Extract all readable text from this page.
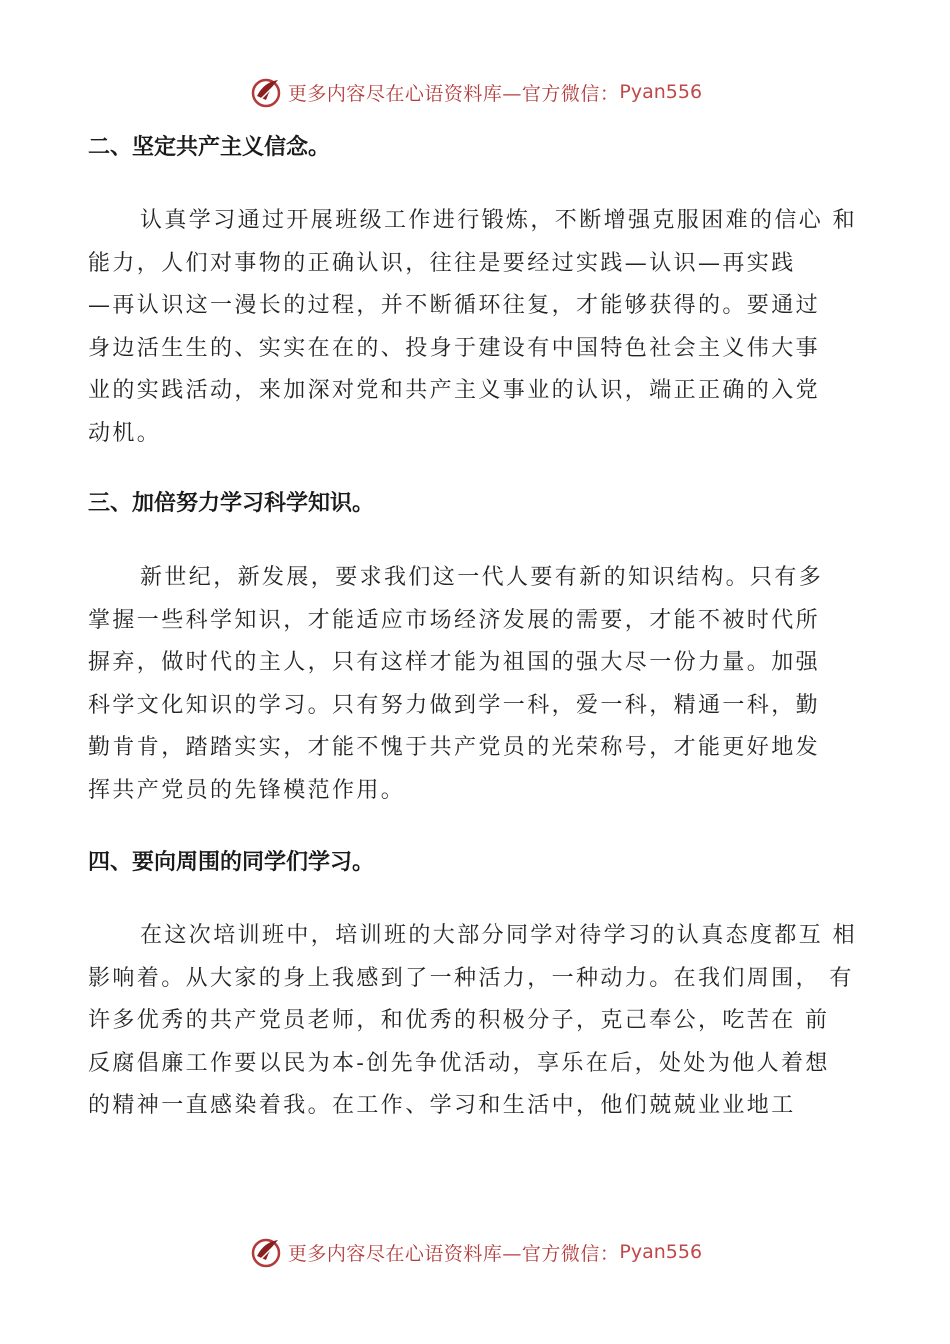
更多内容尽在心语资料库—官方微信： Pyan556
二、坚定共产主义信念。
认真学习通过开展班级工作进行锻炼，不断增强克服困难的信心 和
能力，人们对事物的正确认识，往往是要经过实践—认识—再实践
—再认识这一漫长的过程，并不断循环往复，才能够获得的。要通过
身边活生生的、实实在在的、投身于建设有中国特色社会主义伟大事
业的实践活动，来加深对党和共产主义事业的认识，端正正确的入党
动机。
三、加倍努力学习科学知识。
新世纪，新发展，要求我们这一代人要有新的知识结构。只有多
掌握一些科学知识，才能适应市场经济发展的需要，才能不被时代所
摒弃，做时代的主人，只有这样才能为祖国的强大尽一份力量。加强
科学文化知识的学习。只有努力做到学一科，爱一科，精通一科，勤
勤肯肯，踏踏实实，才能不愧于共产党员的光荣称号，才能更好地发
挥共产党员的先锋模范作用。
四、要向周围的同学们学习。
在这次培训班中，培训班的大部分同学对待学习的认真态度都互 相
影响着。从大家的身上我感到了一种活力，一种动力。在我们周围， 有
许多优秀的共产党员老师，和优秀的积极分子，克己奉公，吃苦在 前
反腐倡廉工作要以民为本-创先争优活动，享乐在后，处处为他人着想
的精神一直感染着我。在工作、学习和生活中，他们兢兢业业地工
更多内容尽在心语资料库—官方微信： Pyan556
